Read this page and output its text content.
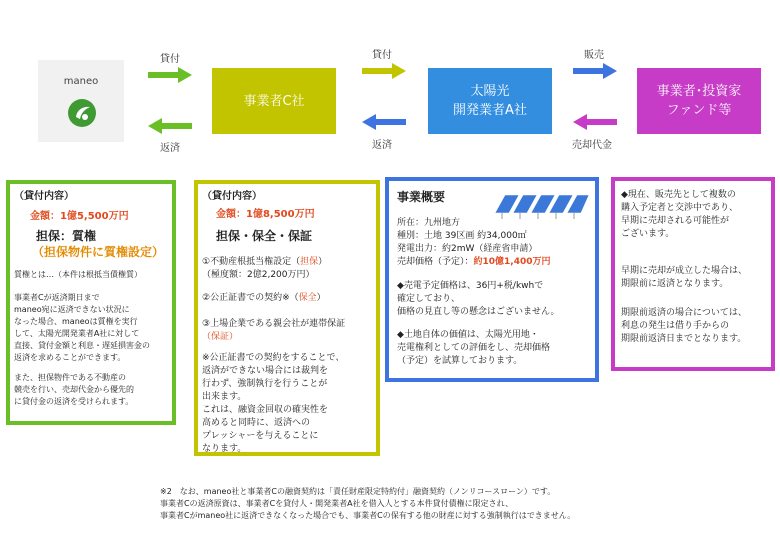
maneo
事業者C社
太陽光
開発業者A社
事業者･投資家
ファンド等
貸付
返済
貸付
返済
販売
売却代金
（貸付内容）
金額：1億5,500万円
担保：質権
（担保物件に質権設定）
質権とは…（本件は根抵当債権質）
事業者Cが返済期日まで
maneo宛に返済できない状況に
なった場合、maneoは質権を実行
して、太陽光開発業者A社に対して
直接、貸付金額と利息・遅延損害金の
返済を求めることができます。
また、担保物件である不動産の
競売を行い、売却代金から優先的
に貸付金の返済を受けられます。
（貸付内容）
金額：1億8,500万円
担保・保全・保証
①不動産根抵当権設定（担保）
（極度額：2億2,200万円）
②公正証書での契約※（保全）
③上場企業である親会社が連帯保証
（保証）
※公正証書での契約をすることで、
返済ができない場合には裁判を
行わず、強制執行を行うことが
出来ます。
これは、融資金回収の確実性を
高めると同時に、返済への
プレッシャーを与えることに
なります。
事業概要
所在：九州地方
種別：土地 39区画 約34,000㎡
発電出力：約2mW（経産省申請）
売却価格（予定）：約10億1,400万円
◆売電予定価格は、36円+税/kwhで
確定しており、
価格の見直し等の懸念はございません。
◆土地自体の価値は、太陽光用地・
売電権利としての評価をし、売却価格
（予定）を試算しております。
◆現在、販売先として複数の
購入予定者と交渉中であり、
早期に売却される可能性が
ございます。
早期に売却が成立した場合は、
期限前に返済となります。
期限前返済の場合については、
利息の発生は借り手からの
期限前返済日までとなります。
※2　なお、maneo社と事業者Cの融資契約は「責任財産限定特約付」融資契約（ノンリコースローン）です。
事業者Cの返済原資は、事業者Cを貸付人・開発業者A社を借入人とする本件貸付債権に限定され、
事業者Cがmaneo社に返済できなくなった場合でも、事業者Cの保有する他の財産に対する強制執行はできません。
